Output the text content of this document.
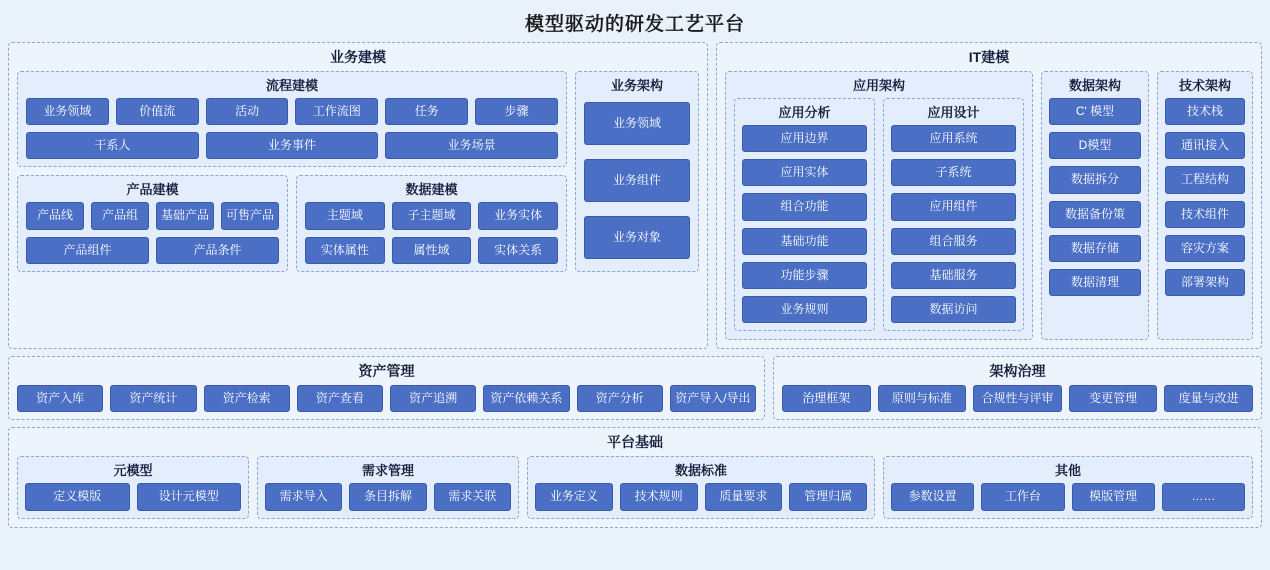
模型驱动的研发工艺平台
业务建模
流程建模
业务领域	价值流	活动	工作流图	任务	步骤
干系人	业务事件	业务场景
产品建模
产品线	产品组	基础产品	可售产品
产品组件	产品条件
数据建模
主题域	子主题域	业务实体
实体属性	属性域	实体关系
业务架构
业务领域
业务组件
业务对象
IT建模
应用架构
应用分析
应用边界
应用实体
组合功能
基础功能
功能步骤
业务规则
应用设计
应用系统
子系统
应用组件
组合服务
基础服务
数据访问
数据架构
C' 模型
D模型
数据拆分
数据备份策
数据存储
数据清理
技术架构
技术栈
通讯接入
工程结构
技术组件
容灾方案
部署架构
资产管理
资产入库	资产统计	资产检索	资产查看	资产追溯	资产依赖关系	资产分析	资产导入/导出
架构治理
治理框架	原则与标准	合规性与评审	变更管理	度量与改进
平台基础
元模型
定义模版	设计元模型
需求管理
需求导入	条目拆解	需求关联
数据标准
业务定义	技术规则	质量要求	管理归属
其他
参数设置	工作台	模版管理	……
